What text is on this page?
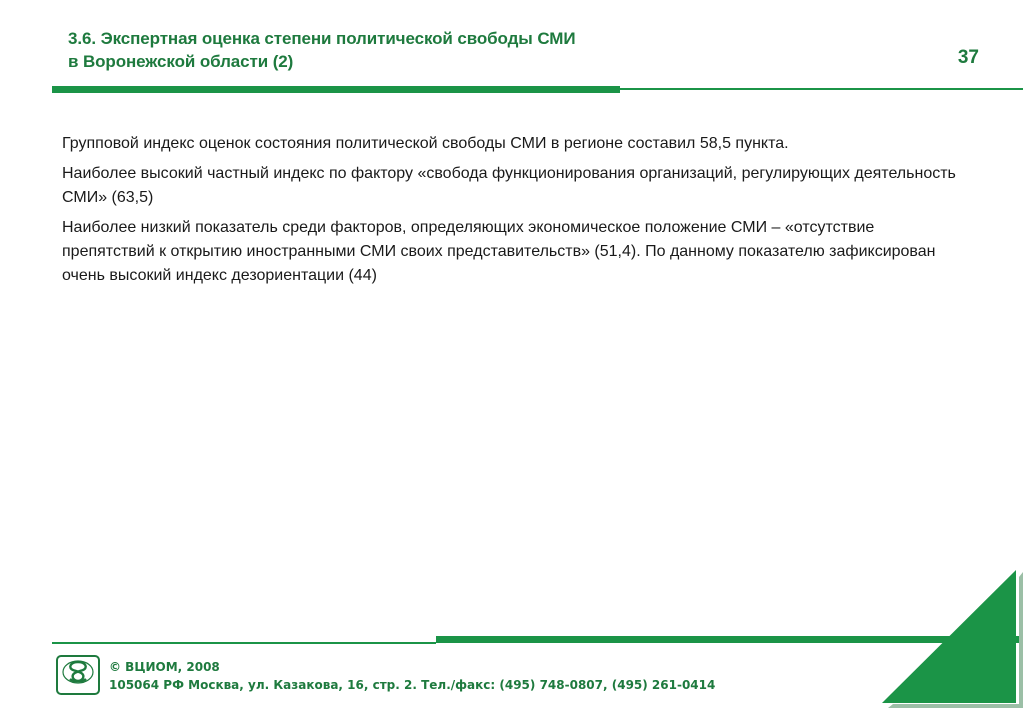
3.6. Экспертная оценка степени политической свободы СМИ
в Воронежской области (2)	37

Групповой индекс оценок состояния политической свободы СМИ в регионе составил 58,5 пункта.

Наиболее высокий частный индекс по фактору «свобода функционирования организаций, регулирующих деятельность СМИ» (63,5)

Наиболее низкий показатель среди факторов, определяющих экономическое положение СМИ – «отсутствие препятствий к открытию иностранными СМИ своих представительств» (51,4). По данному показателю зафиксирован очень высокий индекс дезориентации (44)

© ВЦИОМ, 2008
105064 РФ Москва, ул. Казакова, 16, стр. 2. Тел./факс: (495) 748-0807, (495) 261-0414
